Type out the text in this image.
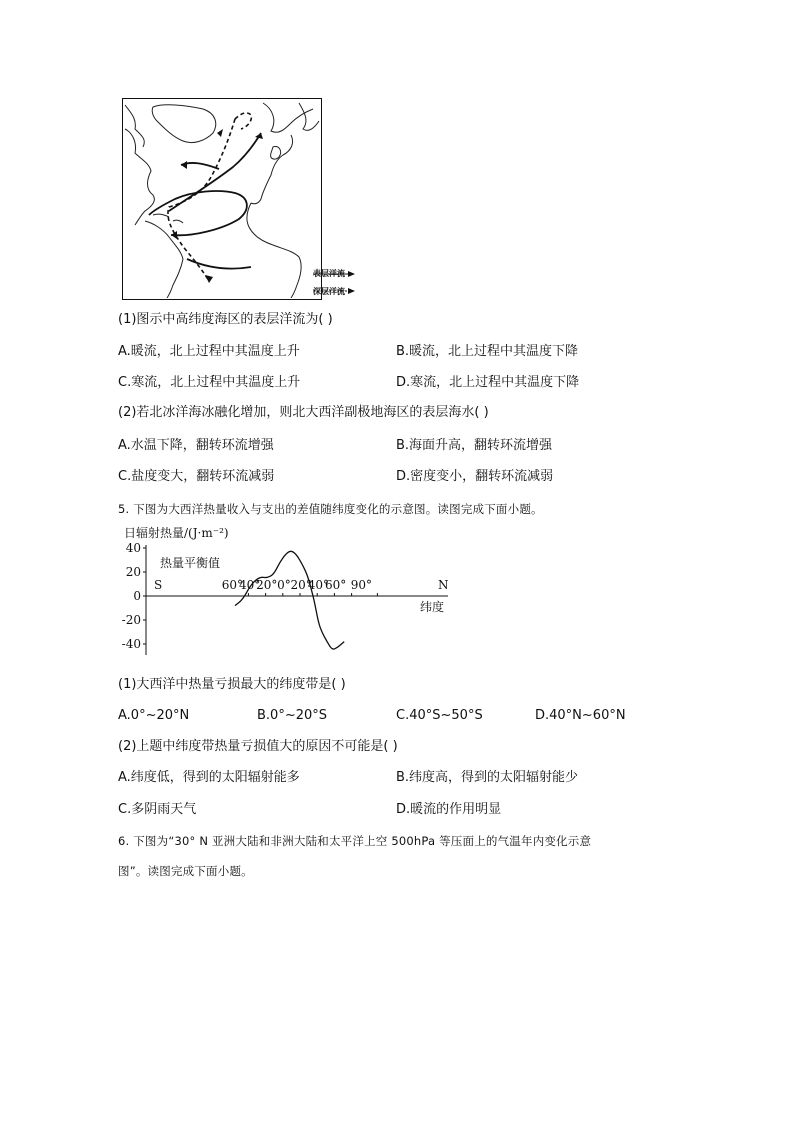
表层洋流
深层洋流
(1)图示中高纬度海区的表层洋流为( )
A.暖流，北上过程中其温度上升	B.暖流，北上过程中其温度下降
C.寒流，北上过程中其温度上升	D.寒流，北上过程中其温度下降
(2)若北冰洋海冰融化增加，则北大西洋副极地海区的表层海水( )
A.水温下降，翻转环流增强	B.海面升高，翻转环流增强
C.盐度变大，翻转环流减弱	D.密度变小，翻转环流减弱
5. 下图为大西洋热量收入与支出的差值随纬度变化的示意图。读图完成下面小题。
日辐射热量/(J·m⁻²)
40
20
0
-20
-40
60°
40°
20° 0° 20°
40°
60° 90°
S	N
热量平衡值
纬度
(1)大西洋中热量亏损最大的纬度带是( )
A.0°~20°N	B.0°~20°S	C.40°S~50°S	D.40°N~60°N
(2)上题中纬度带热量亏损值大的原因不可能是( )
A.纬度低，得到的太阳辐射能多	B.纬度高，得到的太阳辐射能少
C.多阴雨天气	D.暖流的作用明显
6. 下图为“30° N 亚洲大陆和非洲大陆和太平洋上空 500hPa 等压面上的气温年内变化示意
图”。读图完成下面小题。
